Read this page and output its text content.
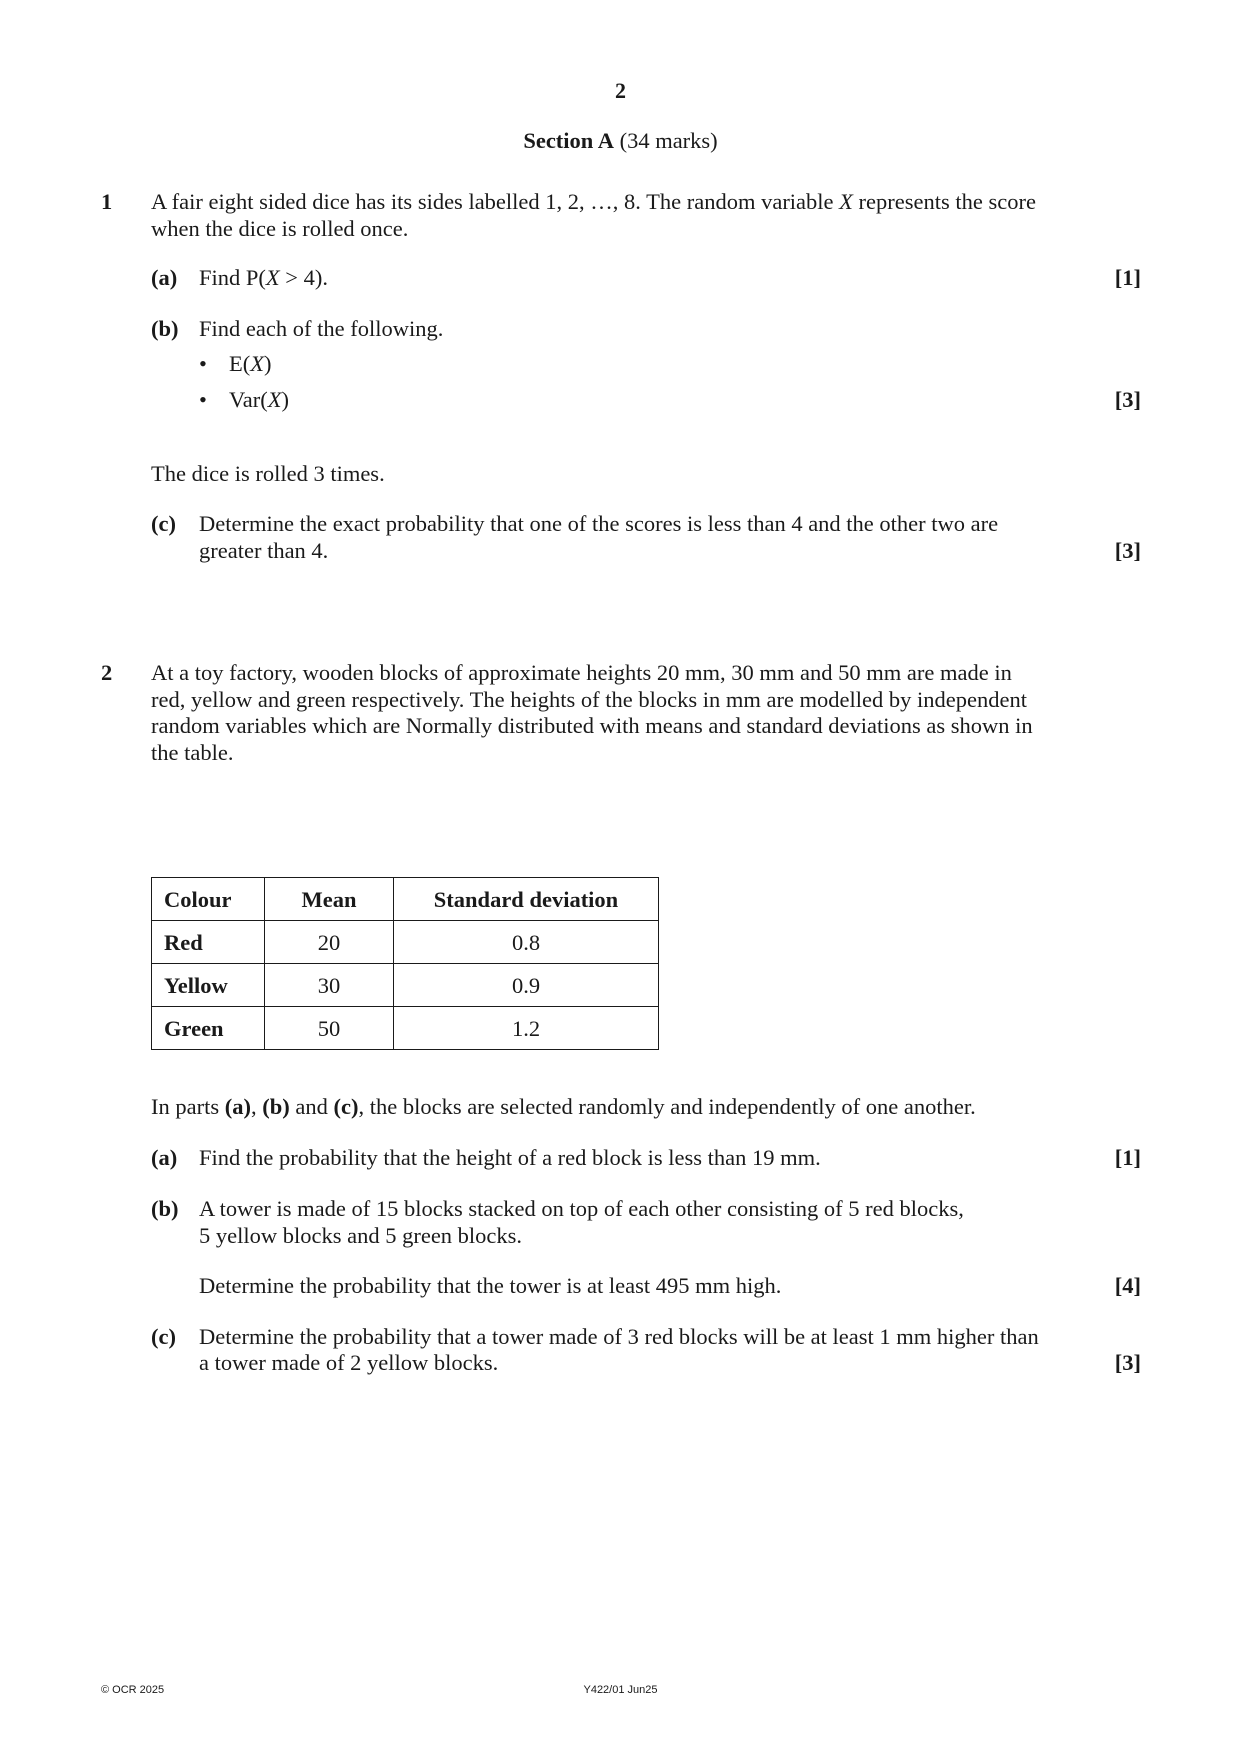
2
Section A (34 marks)
1 A fair eight sided dice has its sides labelled 1, 2, …, 8. The random variable X represents the score
when the dice is rolled once.
(a) Find P(X > 4).	[1]
(b) Find each of the following.
• E(X)
• Var(X)	[3]
The dice is rolled 3 times.
(c) Determine the exact probability that one of the scores is less than 4 and the other two are
greater than 4.	[3]
2 At a toy factory, wooden blocks of approximate heights 20 mm, 30 mm and 50 mm are made in
red, yellow and green respectively. The heights of the blocks in mm are modelled by independent
random variables which are Normally distributed with means and standard deviations as shown in
the table.
Colour	Mean	Standard deviation
Red	20	0.8
Yellow	30	0.9
Green	50	1.2
In parts (a), (b) and (c), the blocks are selected randomly and independently of one another.
(a) Find the probability that the height of a red block is less than 19 mm.	[1]
(b) A tower is made of 15 blocks stacked on top of each other consisting of 5 red blocks,
5 yellow blocks and 5 green blocks.
Determine the probability that the tower is at least 495 mm high.	[4]
(c) Determine the probability that a tower made of 3 red blocks will be at least 1 mm higher than
a tower made of 2 yellow blocks.	[3]
© OCR 2025	Y422/01 Jun25
